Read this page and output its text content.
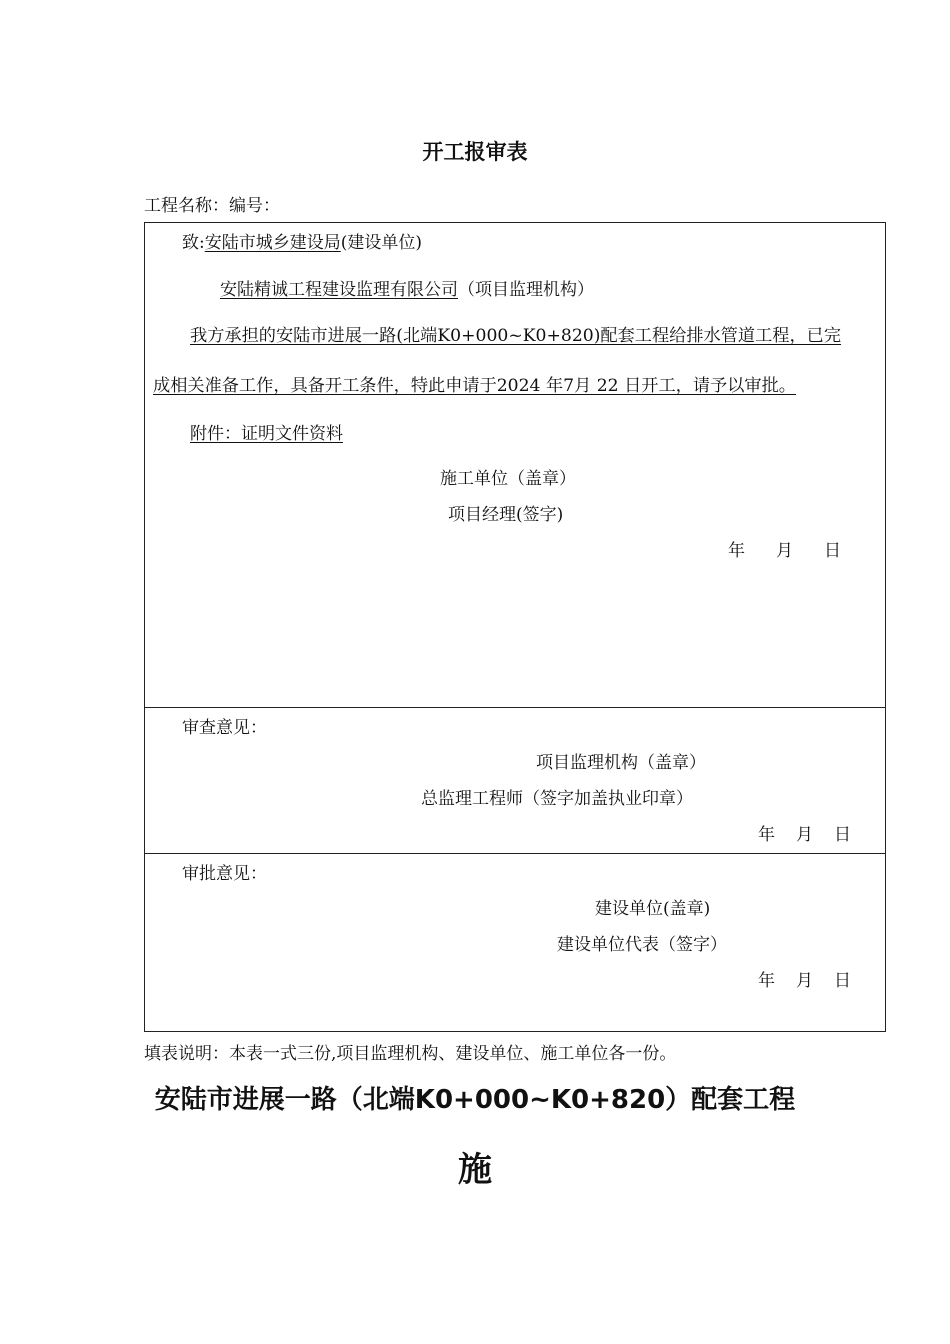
开工报审表
工程名称：编号：
致:安陆市城乡建设局(建设单位)
安陆精诚工程建设监理有限公司（项目监理机构）
我方承担的安陆市进展一路(北端K0+000~K0+820)配套工程给排水管道工程，已完
成相关准备工作，具备开工条件，特此申请于2024 年7月 22 日开工，请予以审批。
附件：证明文件资料
施工单位（盖章）
项目经理(签字)
年 月 日
审查意见：
项目监理机构（盖章）
总监理工程师（签字加盖执业印章）
年 月 日
审批意见：
建设单位(盖章)
建设单位代表（签字）
年 月 日
填表说明：本表一式三份,项目监理机构、建设单位、施工单位各一份。
安陆市进展一路（北端K0+000~K0+820）配套工程
施
